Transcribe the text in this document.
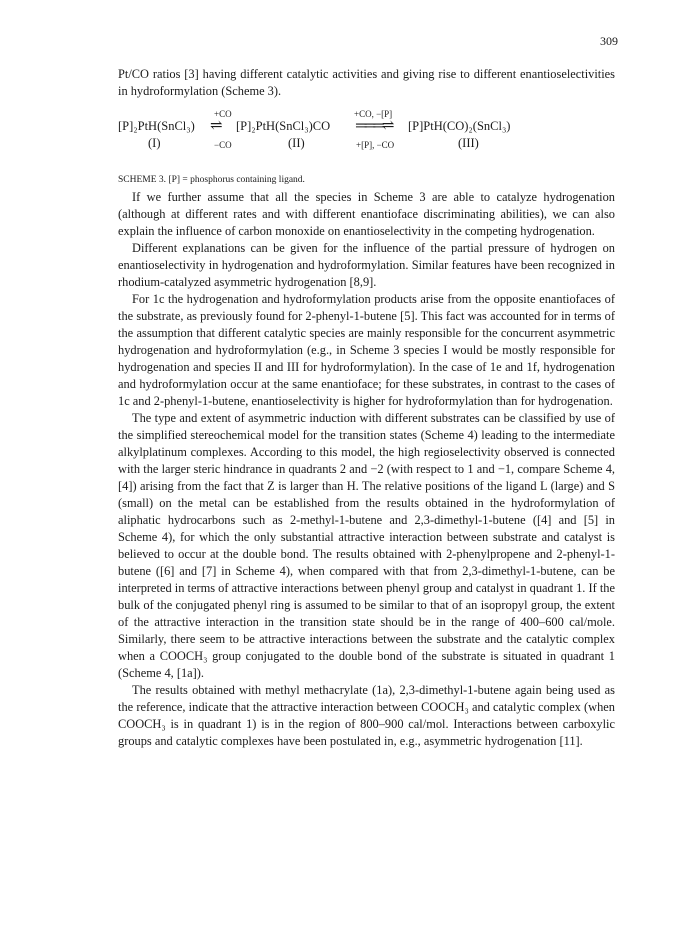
309

Pt/CO ratios [3] having different catalytic activities and giving rise to different enantioselectivities in hydroformylation (Scheme 3).

+CO	+CO, −[P]
[P]₂PtH(SnCl₃) ⇌ [P]₂PtH(SnCl₃)CO ═══⇌ [P]PtH(CO)₂(SnCl₃)
(I)	−CO	(II)	+[P], −CO	(III)

SCHEME 3. [P] = phosphorus containing ligand.

If we further assume that all the species in Scheme 3 are able to catalyze hydrogenation (although at different rates and with different enantioface discriminating abilities), we can also explain the influence of carbon monoxide on enantioselectivity in the competing hydrogenation.

Different explanations can be given for the influence of the partial pressure of hydrogen on enantioselectivity in hydrogenation and hydroformylation. Similar features have been recognized in rhodium-catalyzed asymmetric hydrogenation [8,9].

For 1c the hydrogenation and hydroformylation products arise from the opposite enantiofaces of the substrate, as previously found for 2-phenyl-1-butene [5]. This fact was accounted for in terms of the assumption that different catalytic species are mainly responsible for the concurrent asymmetric hydrogenation and hydroformylation (e.g., in Scheme 3 species I would be mostly responsible for hydrogenation and species II and III for hydroformylation). In the case of 1e and 1f, hydrogenation and hydroformylation occur at the same enantioface; for these substrates, in contrast to the cases of 1c and 2-phenyl-1-butene, enantioselectivity is higher for hydroformylation than for hydrogenation.

The type and extent of asymmetric induction with different substrates can be classified by use of the simplified stereochemical model for the transition states (Scheme 4) leading to the intermediate alkylplatinum complexes. According to this model, the high regioselectivity observed is connected with the larger steric hindrance in quadrants 2 and −2 (with respect to 1 and −1, compare Scheme 4, [4]) arising from the fact that Z is larger than H. The relative positions of the ligand L (large) and S (small) on the metal can be established from the results obtained in the hydroformylation of aliphatic hydrocarbons such as 2-methyl-1-butene and 2,3-dimethyl-1-butene ([4] and [5] in Scheme 4), for which the only substantial attractive interaction between substrate and catalyst is believed to occur at the double bond. The results obtained with 2-phenylpropene and 2-phenyl-1-butene ([6] and [7] in Scheme 4), when compared with that from 2,3-dimethyl-1-butene, can be interpreted in terms of attractive interactions between phenyl group and catalyst in quadrant 1. If the bulk of the conjugated phenyl ring is assumed to be similar to that of an isopropyl group, the extent of the attractive interaction in the transition state should be in the range of 400–600 cal/mole. Similarly, there seem to be attractive interactions between the substrate and the catalytic complex when a COOCH₃ group conjugated to the double bond of the substrate is situated in quadrant 1 (Scheme 4, [1a]).

The results obtained with methyl methacrylate (1a), 2,3-dimethyl-1-butene again being used as the reference, indicate that the attractive interaction between COOCH₃ and catalytic complex (when COOCH₃ is in quadrant 1) is in the region of 800–900 cal/mol. Interactions between carboxylic groups and catalytic complexes have been postulated in, e.g., asymmetric hydrogenation [11].
